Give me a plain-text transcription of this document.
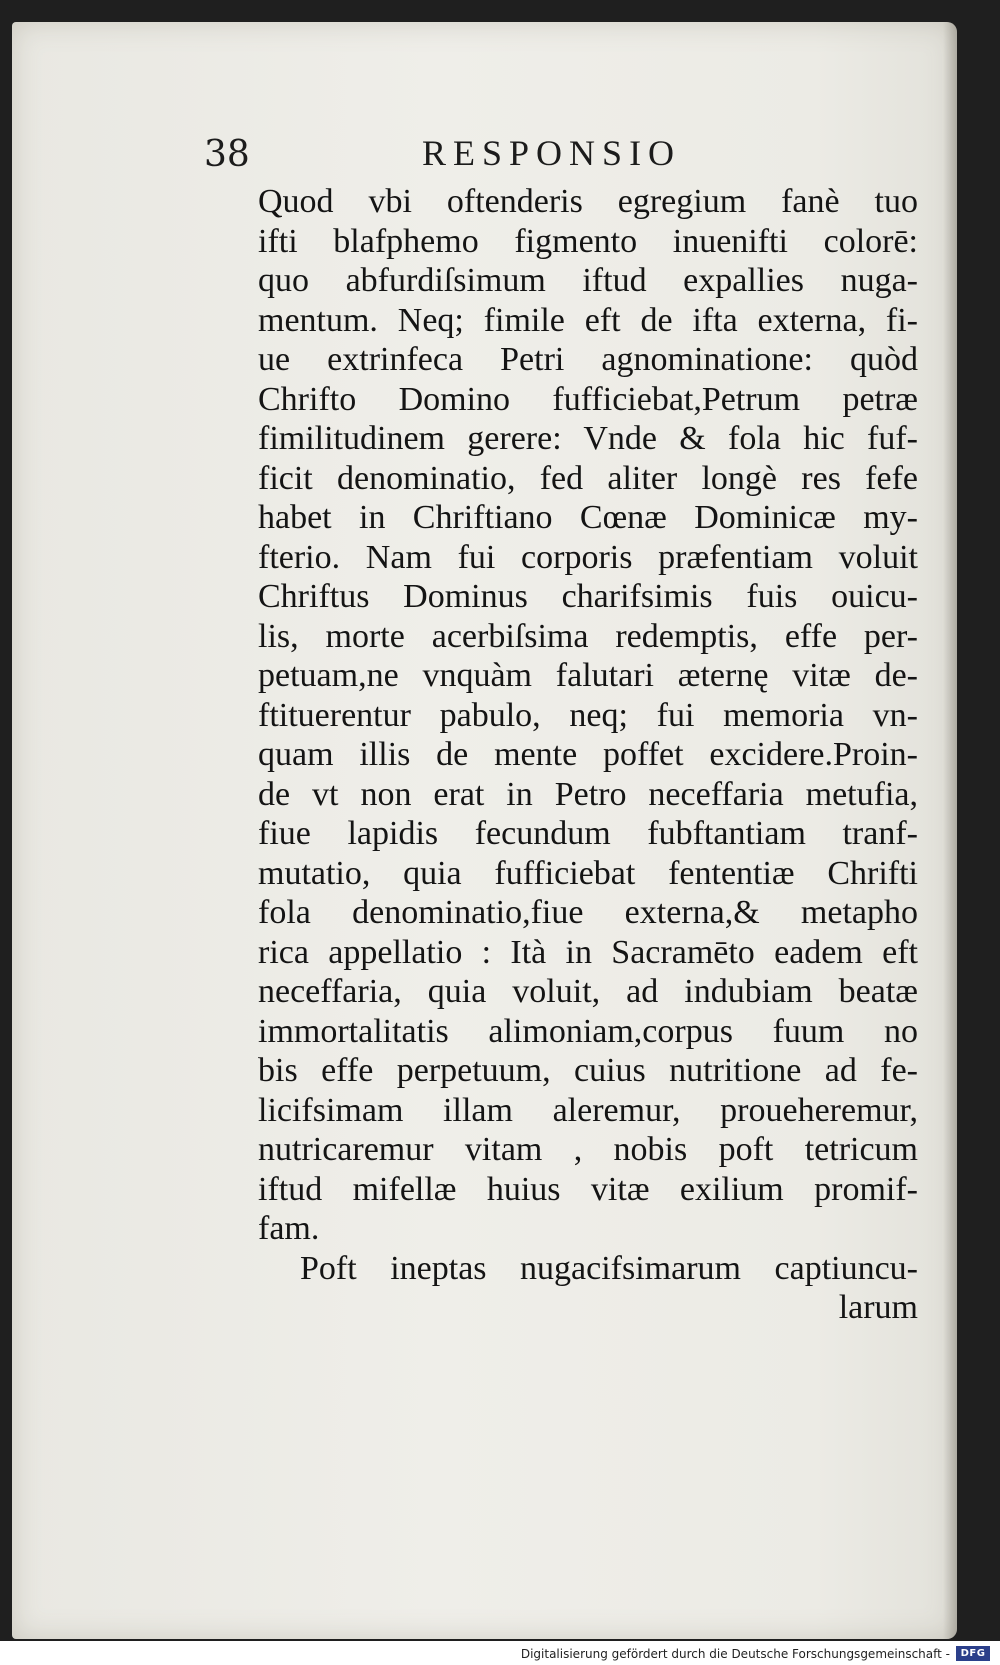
38	RESPONSIO
Quod vbi oftenderis egregium fanè tuo
ifti blafphemo figmento inuenifti colorē:
quo abfurdiſsimum iftud expallies nuga-
mentum. Neq; fimile eft de ifta externa, fi-
ue extrinfeca Petri agnominatione: quòd
Chrifto Domino fufficiebat,Petrum petræ
fimilitudinem gerere: Vnde & fola hic fuf-
ficit denominatio, fed aliter longè res fefe
habet in Chriftiano Cœnæ Dominicæ my-
fterio. Nam fui corporis præfentiam voluit
Chriftus Dominus charifsimis fuis ouicu-
lis, morte acerbiſsima redemptis, effe per-
petuam,ne vnquàm falutari æternę vitæ de-
ftituerentur pabulo, neq; fui memoria vn-
quam illis de mente poffet excidere.Proin-
de vt non erat in Petro neceffaria metufia,
fiue lapidis fecundum fubftantiam tranf-
mutatio, quia fufficiebat fententiæ Chrifti
fola denominatio,fiue externa,& metapho
rica appellatio : Ità in Sacramēto eadem eft
neceffaria, quia voluit, ad indubiam beatæ
immortalitatis alimoniam,corpus fuum no
bis effe perpetuum, cuius nutritione ad fe-
licifsimam illam aleremur, proueheremur,
nutricaremur vitam , nobis poft tetricum
iftud mifellæ huius vitæ exilium promif-
fam.
Poft ineptas nugacifsimarum captiuncu-
larum
Digitalisierung gefördert durch die Deutsche Forschungsgemeinschaft -	DFG
